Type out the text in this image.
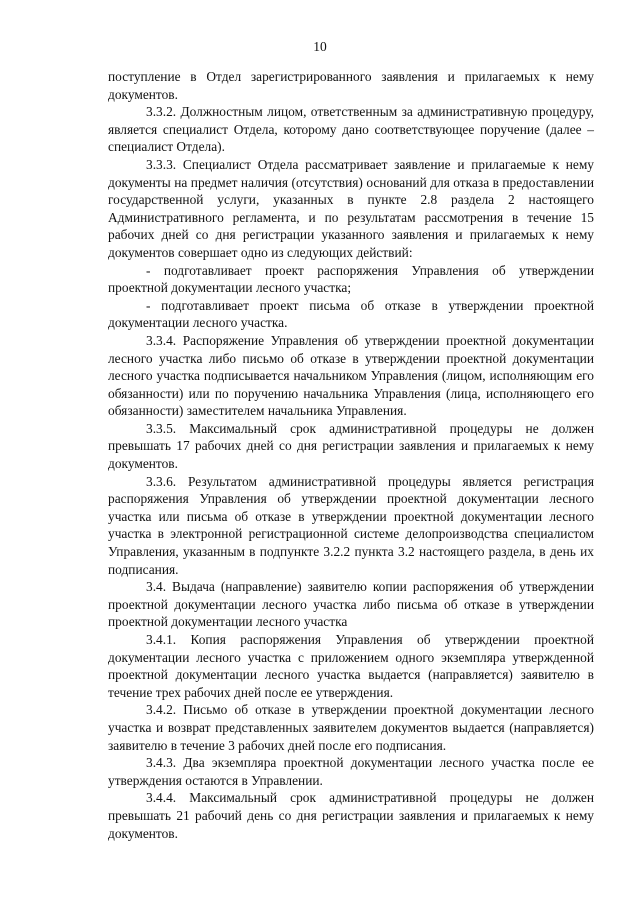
10

поступление в Отдел зарегистрированного заявления и прилагаемых к нему документов.

3.3.2. Должностным лицом, ответственным за административную процедуру, является специалист Отдела, которому дано соответствующее поручение (далее – специалист Отдела).

3.3.3. Специалист Отдела рассматривает заявление и прилагаемые к нему документы на предмет наличия (отсутствия) оснований для отказа в предоставлении государственной услуги, указанных в пункте 2.8 раздела 2 настоящего Административного регламента, и по результатам рассмотрения в течение 15 рабочих дней со дня регистрации указанного заявления и прилагаемых к нему документов совершает одно из следующих действий:

- подготавливает проект распоряжения Управления об утверждении проектной документации лесного участка;

- подготавливает проект письма об отказе в утверждении проектной документации лесного участка.

3.3.4. Распоряжение Управления об утверждении проектной документации лесного участка либо письмо об отказе в утверждении проектной документации лесного участка подписывается начальником Управления (лицом, исполняющим его обязанности) или по поручению начальника Управления (лица, исполняющего его обязанности) заместителем начальника Управления.

3.3.5. Максимальный срок административной процедуры не должен превышать 17 рабочих дней со дня регистрации заявления и прилагаемых к нему документов.

3.3.6. Результатом административной процедуры является регистрация распоряжения Управления об утверждении проектной документации лесного участка или письма об отказе в утверждении проектной документации лесного участка в электронной регистрационной системе делопроизводства специалистом Управления, указанным в подпункте 3.2.2 пункта 3.2 настоящего раздела, в день их подписания.

3.4. Выдача (направление) заявителю копии распоряжения об утверждении проектной документации лесного участка либо письма об отказе в утверждении проектной документации лесного участка

3.4.1. Копия распоряжения Управления об утверждении проектной документации лесного участка с приложением одного экземпляра утвержденной проектной документации лесного участка выдается (направляется) заявителю в течение трех рабочих дней после ее утверждения.

3.4.2. Письмо об отказе в утверждении проектной документации лесного участка и возврат представленных заявителем документов выдается (направляется) заявителю в течение 3 рабочих дней после его подписания.

3.4.3. Два экземпляра проектной документации лесного участка после ее утверждения остаются в Управлении.

3.4.4. Максимальный срок административной процедуры не должен превышать 21 рабочий день со дня регистрации заявления и прилагаемых к нему документов.
